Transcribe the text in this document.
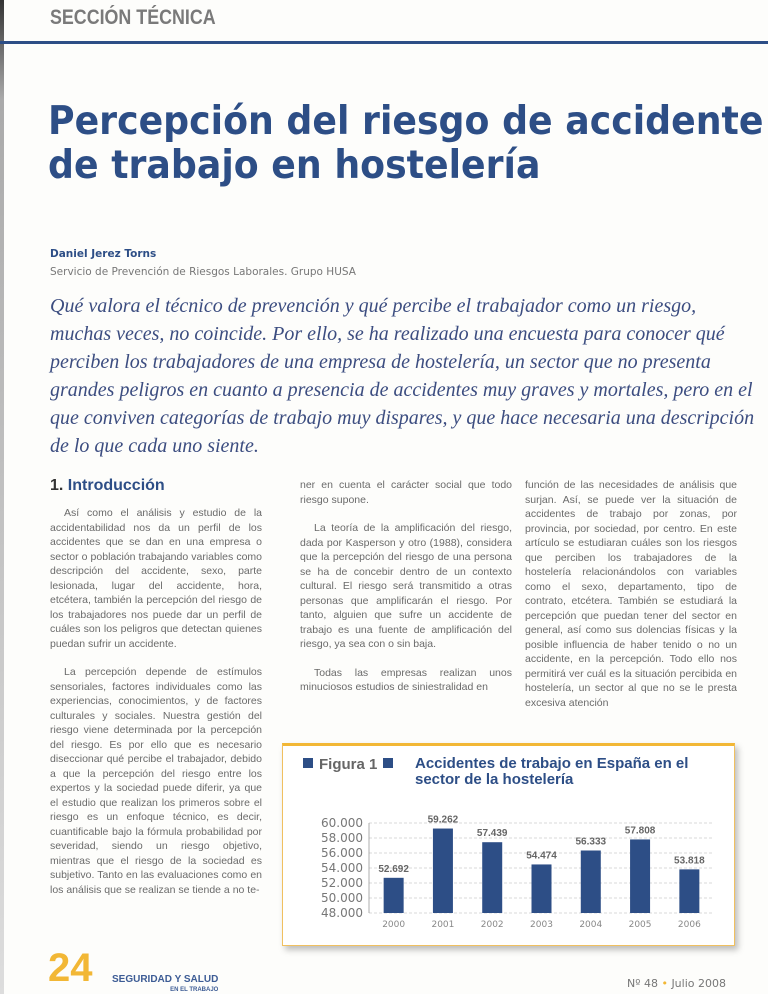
SECCIÓN TÉCNICA
Percepción del riesgo de accidente
de trabajo en hostelería
Daniel Jerez Torns
Servicio de Prevención de Riesgos Laborales. Grupo HUSA
Qué valora el técnico de prevención y qué percibe el trabajador como un riesgo, muchas veces, no coincide. Por ello, se ha realizado una encuesta para conocer qué perciben los trabajadores de una empresa de hostelería, un sector que no presenta grandes peligros en cuanto a presencia de accidentes muy graves y mortales, pero en el que conviven categorías de trabajo muy dispares, y que hace necesaria una descripción de lo que cada uno siente.
1. Introducción

Así como el análisis y estudio de la accidentabilidad nos da un perfil de los accidentes que se dan en una empresa o sector o población trabajando variables como descripción del accidente, sexo, parte lesionada, lugar del accidente, hora, etcétera, también la percepción del riesgo de los trabajadores nos puede dar un perfil de cuáles son los peligros que detectan quienes puedan sufrir un accidente.

La percepción depende de estímulos sensoriales, factores individuales como las experiencias, conocimientos, y de factores culturales y sociales. Nuestra gestión del riesgo viene determinada por la percepción del riesgo. Es por ello que es necesario diseccionar qué percibe el trabajador, debido a que la percepción del riesgo entre los expertos y la sociedad puede diferir, ya que el estudio que realizan los primeros sobre el riesgo es un enfoque técnico, es decir, cuantificable bajo la fórmula probabilidad por severidad, siendo un riesgo objetivo, mientras que el riesgo de la sociedad es subjetivo. Tanto en las evaluaciones como en los análisis que se realizan se tiende a no te-

ner en cuenta el carácter social que todo riesgo supone.

La teoría de la amplificación del riesgo, dada por Kasperson y otro (1988), considera que la percepción del riesgo de una persona se ha de concebir dentro de un contexto cultural. El riesgo será transmitido a otras personas que amplificarán el riesgo. Por tanto, alguien que sufre un accidente de trabajo es una fuente de amplificación del riesgo, ya sea con o sin baja.

Todas las empresas realizan unos minuciosos estudios de siniestralidad en

función de las necesidades de análisis que surjan. Así, se puede ver la situación de accidentes de trabajo por zonas, por provincia, por sociedad, por centro. En este artículo se estudiaran cuáles son los riesgos que perciben los trabajadores de la hostelería relacionándolos con variables como el sexo, departamento, tipo de contrato, etcétera. También se estudiará la percepción que puedan tener del sector en general, así como sus dolencias físicas y la posible influencia de haber tenido o no un accidente, en la percepción. Todo ello nos permitirá ver cuál es la situación percibida en hostelería, un sector al que no se le presta excesiva atención

Figura 1	Accidentes de trabajo en España en el sector de la hostelería
48.000
50.000
52.000
54.000
56.000
58.000
60.000
52.692
2000
59.262
2001
57.439
2002
54.474
2003
56.333
2004
57.808
2005
53.818
2006
24 SEGURIDAD Y SALUD
EN EL TRABAJO	Nº 48 • Julio 2008
